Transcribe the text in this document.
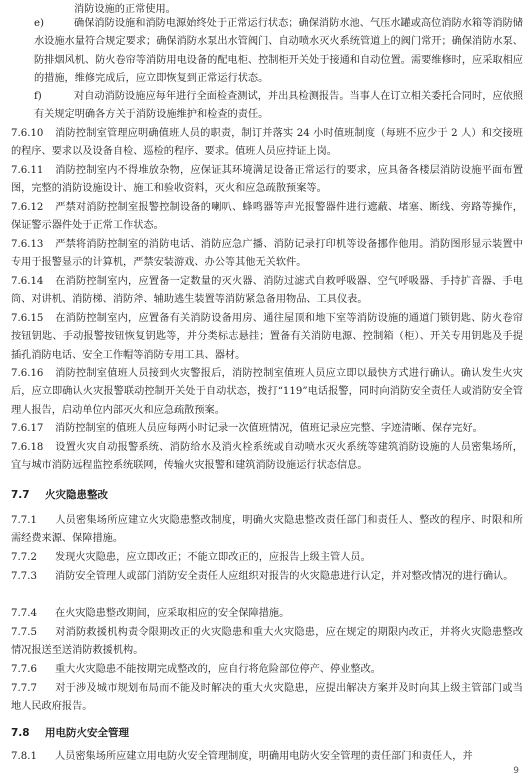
消防设施的正常使用。

e)	确保消防设施和消防电源始终处于正常运行状态；确保消防水池、气压水罐或高位消防水箱等消防储水设施水量符合规定要求；确保消防水泵出水管阀门、自动喷水灭火系统管道上的阀门常开；确保消防水泵、防排烟风机、防火卷帘等消防用电设备的配电柜、控制柜开关处于接通和自动位置。需要维修时，应采取相应的措施，维修完成后，应立即恢复到正常运行状态。

f)	对自动消防设施应每年进行全面检查测试，并出具检测报告。当事人在订立相关委托合同时，应依照有关规定明确各方关于消防设施维护和检查的责任。

7.6.10 消防控制室管理应明确值班人员的职责，制订并落实 24 小时值班制度（每班不应少于 2 人）和交接班的程序、要求以及设备自检、巡检的程序、要求。值班人员应持证上岗。

7.6.11 消防控制室内不得堆放杂物，应保证其环境满足设备正常运行的要求，应具备各楼层消防设施平面布置图，完整的消防设施设计、施工和验收资料，灭火和应急疏散预案等。

7.6.12 严禁对消防控制室报警控制设备的喇叭、蜂鸣器等声光报警器件进行遮蔽、堵塞、断线、旁路等操作，保证警示器件处于正常工作状态。

7.6.13 严禁将消防控制室的消防电话、消防应急广播、消防记录打印机等设备挪作他用。消防图形显示装置中专用于报警显示的计算机，严禁安装游戏、办公等其他无关软件。

7.6.14 在消防控制室内，应置备一定数量的灭火器、消防过滤式自救呼吸器、空气呼吸器、手持扩音器、手电筒、对讲机、消防梯、消防斧、辅助逃生装置等消防紧急备用物品、工具仪表。

7.6.15 在消防控制室内，应置备有关消防设备用房、通往屋顶和地下室等消防设施的通道门锁钥匙、防火卷帘按钮钥匙、手动报警按钮恢复钥匙等，并分类标志悬挂；置备有关消防电源、控制箱（柜）、开关专用钥匙及手提插孔消防电话、安全工作帽等消防专用工具、器材。

7.6.16 消防控制室值班人员接到火灾警报后，消防控制室值班人员应立即以最快方式进行确认。确认发生火灾后，应立即确认火灾报警联动控制开关处于自动状态，拨打“119”电话报警，同时向消防安全责任人或消防安全管理人报告，启动单位内部灭火和应急疏散预案。

7.6.17 消防控制室的值班人员应每两小时记录一次值班情况，值班记录应完整、字迹清晰、保存完好。

7.6.18 设置火灾自动报警系统、消防给水及消火栓系统或自动喷水灭火系统等建筑消防设施的人员密集场所，宜与城市消防远程监控系统联网，传输火灾报警和建筑消防设施运行状态信息。

7.7 火灾隐患整改

7.7.1 人员密集场所应建立火灾隐患整改制度，明确火灾隐患整改责任部门和责任人、整改的程序、时限和所需经费来源、保障措施。

7.7.2 发现火灾隐患，应立即改正；不能立即改正的，应报告上级主管人员。

7.7.3 消防安全管理人或部门消防安全责任人应组织对报告的火灾隐患进行认定，并对整改情况的进行确认。

7.7.4 在火灾隐患整改期间，应采取相应的安全保障措施。

7.7.5 对消防救援机构责令限期改正的火灾隐患和重大火灾隐患，应在规定的期限内改正，并将火灾隐患整改情况报送至送消防救援机构。

7.7.6 重大火灾隐患不能按期完成整改的，应自行将危险部位停产、停业整改。

7.7.7 对于涉及城市规划布局而不能及时解决的重大火灾隐患，应提出解决方案并及时向其上级主管部门或当地人民政府报告。

7.8 用电防火安全管理

7.8.1 人员密集场所应建立用电防火安全管理制度，明确用电防火安全管理的责任部门和责任人，并

9
